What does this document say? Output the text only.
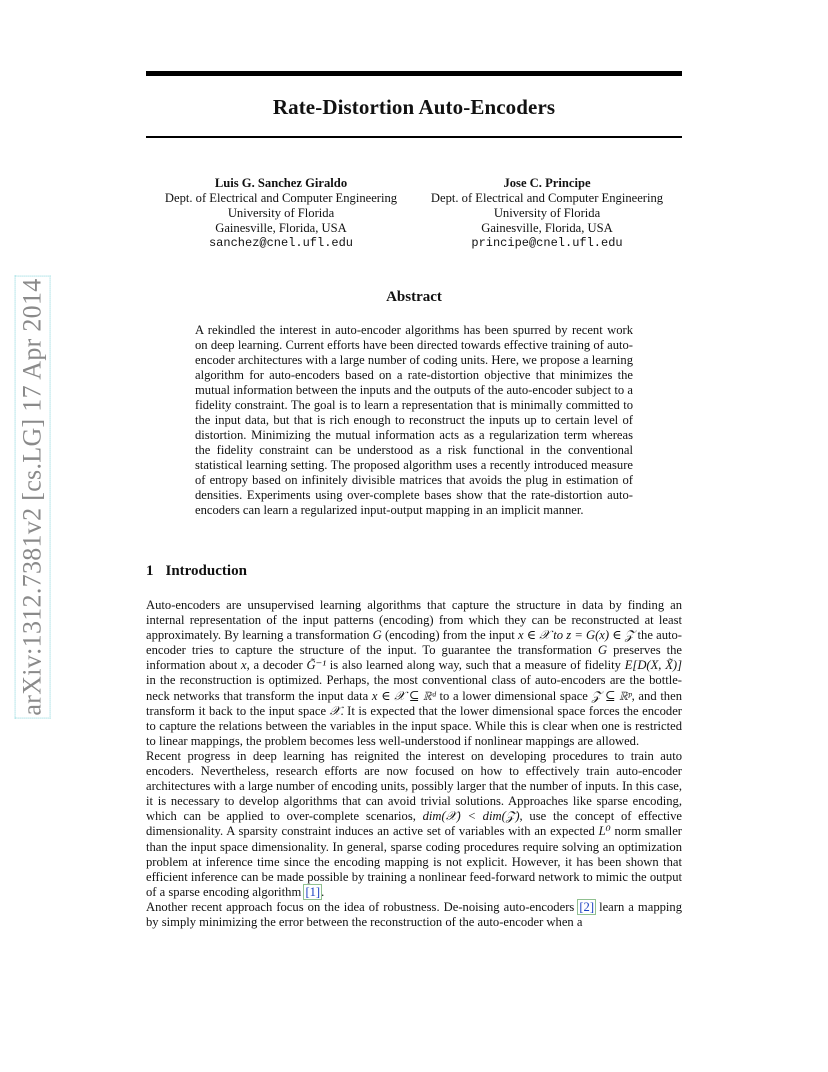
arXiv:1312.7381v2 [cs.LG] 17 Apr 2014
Rate-Distortion Auto-Encoders
Luis G. Sanchez Giraldo
Dept. of Electrical and Computer Engineering
University of Florida
Gainesville, Florida, USA
sanchez@cnel.ufl.edu
Jose C. Principe
Dept. of Electrical and Computer Engineering
University of Florida
Gainesville, Florida, USA
principe@cnel.ufl.edu
Abstract
A rekindled the interest in auto-encoder algorithms has been spurred by recent work on deep learning. Current efforts have been directed towards effective training of auto-encoder architectures with a large number of coding units. Here, we propose a learning algorithm for auto-encoders based on a rate-distortion objective that minimizes the mutual information between the inputs and the outputs of the auto-encoder subject to a fidelity constraint. The goal is to learn a representation that is minimally committed to the input data, but that is rich enough to reconstruct the inputs up to certain level of distortion. Minimizing the mutual information acts as a regularization term whereas the fidelity constraint can be understood as a risk functional in the conventional statistical learning setting. The proposed algorithm uses a recently introduced measure of entropy based on infinitely divisible matrices that avoids the plug in estimation of densities. Experiments using over-complete bases show that the rate-distortion auto-encoders can learn a regularized input-output mapping in an implicit manner.
1 Introduction

Auto-encoders are unsupervised learning algorithms that capture the structure in data by finding an internal representation of the input patterns (encoding) from which they can be reconstructed at least approximately. By learning a transformation G (encoding) from the input x ∈ 𝒳 to z = G(x) ∈ 𝒵 the auto-encoder tries to capture the structure of the input. To guarantee the transformation G preserves the information about x, a decoder G̃⁻¹ is also learned along way, such that a measure of fidelity E[D(X, X̃)] in the reconstruction is optimized. Perhaps, the most conventional class of auto-encoders are the bottle-neck networks that transform the input data x ∈ 𝒳 ⊆ ℝᵈ to a lower dimensional space 𝒵 ⊆ ℝᵖ, and then transform it back to the input space 𝒳. It is expected that the lower dimensional space forces the encoder to capture the relations between the variables in the input space. While this is clear when one is restricted to linear mappings, the problem becomes less well-understood if nonlinear mappings are allowed.

Recent progress in deep learning has reignited the interest on developing procedures to train auto encoders. Nevertheless, research efforts are now focused on how to effectively train auto-encoder architectures with a large number of encoding units, possibly larger that the number of inputs. In this case, it is necessary to develop algorithms that can avoid trivial solutions. Approaches like sparse encoding, which can be applied to over-complete scenarios, dim(𝒳) < dim(𝒵), use the concept of effective dimensionality. A sparsity constraint induces an active set of variables with an expected L⁰ norm smaller than the input space dimensionality. In general, sparse coding procedures require solving an optimization problem at inference time since the encoding mapping is not explicit. However, it has been shown that efficient inference can be made possible by training a nonlinear feed-forward network to mimic the output of a sparse encoding algorithm [1].

Another recent approach focus on the idea of robustness. De-noising auto-encoders [2] learn a mapping by simply minimizing the error between the reconstruction of the auto-encoder when a
